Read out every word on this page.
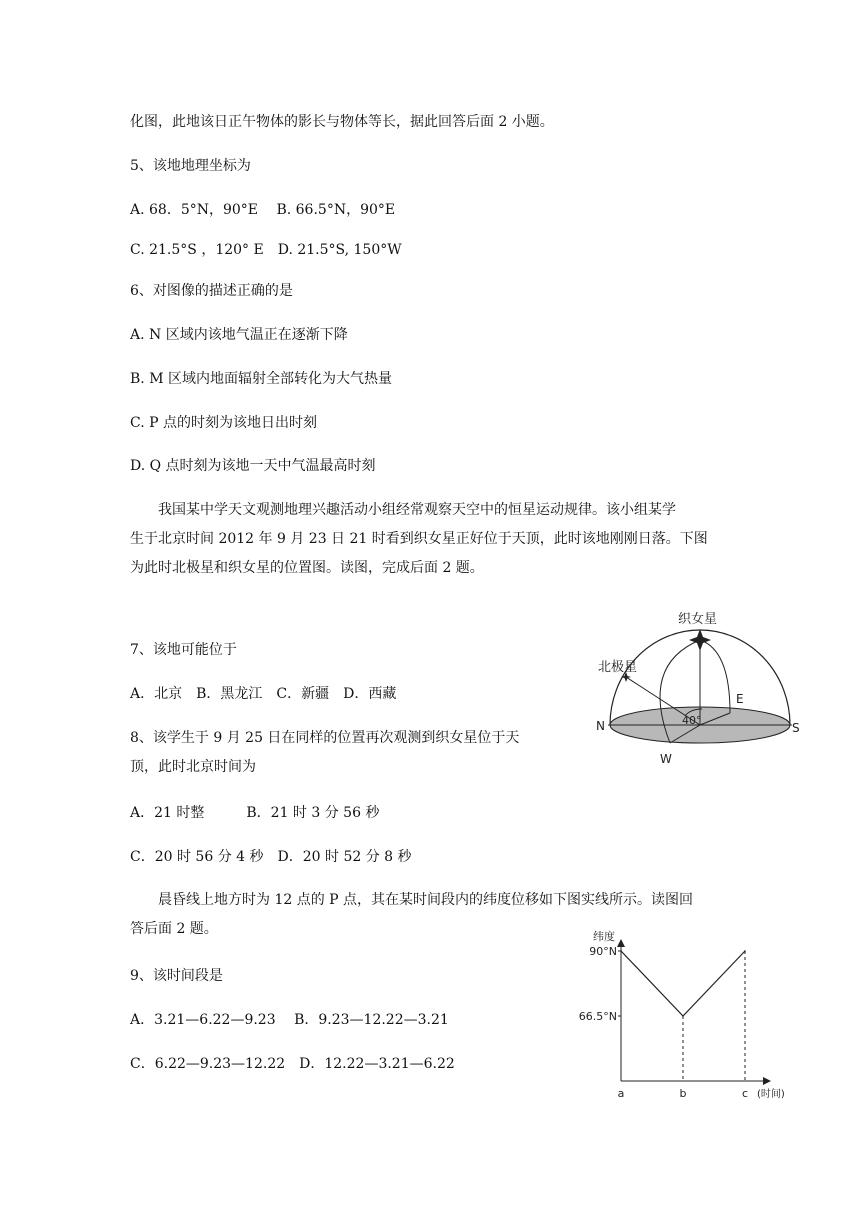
化图，此地该日正午物体的影长与物体等长，据此回答后面 2 小题。
5、该地地理坐标为
A. 68．5°N，90°E　 B. 66.5°N，90°E
C. 21.5°S ，120° E　D. 21.5°S, 150°W
6、对图像的描述正确的是
A. N 区域内该地气温正在逐渐下降
B. M 区域内地面辐射全部转化为大气热量
C. P 点的时刻为该地日出时刻
D. Q 点时刻为该地一天中气温最高时刻
我国某中学天文观测地理兴趣活动小组经常观察天空中的恒星运动规律。该小组某学
生于北京时间 2012 年 9 月 23 日 21 时看到织女星正好位于天顶，此时该地刚刚日落。下图
为此时北极星和织女星的位置图。读图，完成后面 2 题。
7、该地可能位于
A．北京　B．黑龙江　C．新疆　D．西藏
8、该学生于 9 月 25 日在同样的位置再次观测到织女星位于天
顶，此时北京时间为
A．21 时整　　　B．21 时 3 分 56 秒
C．20 时 56 分 4 秒　D．20 时 52 分 8 秒
晨昏线上地方时为 12 点的 P 点，其在某时间段内的纬度位移如下图实线所示。读图回
答后面 2 题。
9、该时间段是
A．3.21—6.22—9.23　 B．9.23—12.22—3.21
C．6.22—9.23—12.22　D．12.22—3.21—6.22
织女星
北极星
E
N	S
W
40°
纬度
(时间)
90°N
66.5°N
a	b	c
